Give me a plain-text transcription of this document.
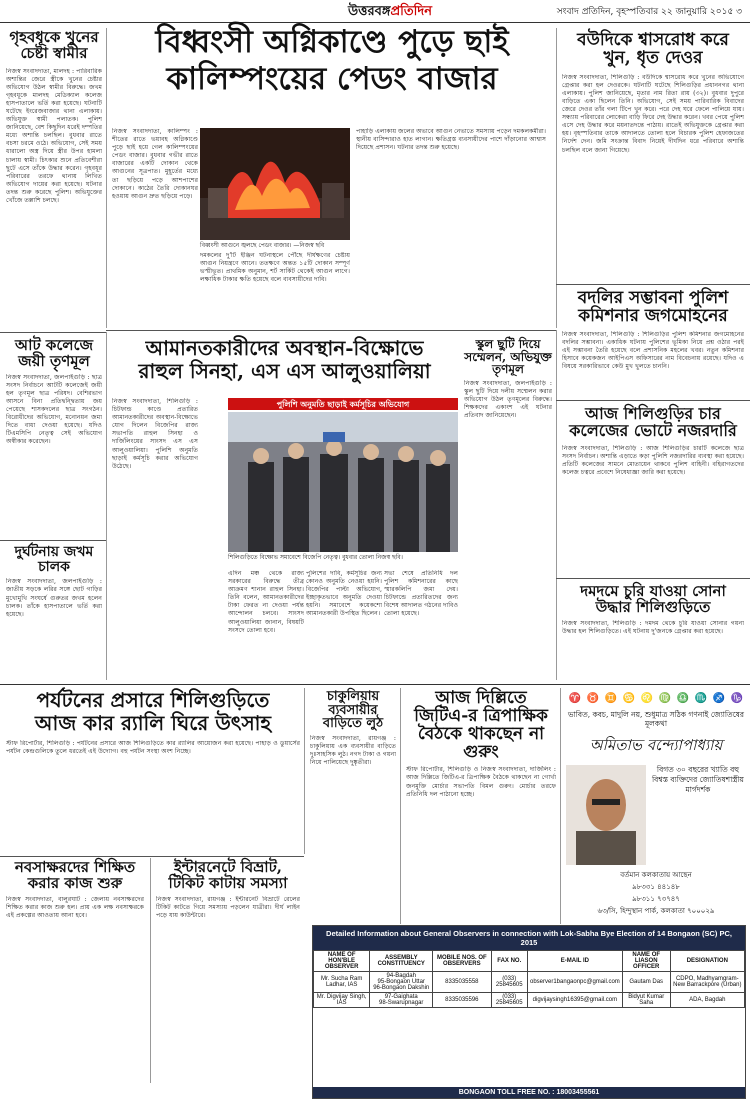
উত্তরবঙ্গপ্রতিদিন	সংবাদ প্রতিদিন, বৃহস্পতিবার ২২ জানুয়ারি ২০১৫ ৩
গৃহবধূকে খুনের চেষ্টা স্বামীর
নিজস্ব সংবাদদাতা, মালদহ : পারিবারিক অশান্তির জেরে স্ত্রীকে খুনের চেষ্টার অভিযোগ উঠল স্বামীর বিরুদ্ধে। জখম গৃহবধূকে মালদহ মেডিক্যাল কলেজ হাসপাতালে ভর্তি করা হয়েছে। ঘটনাটি ঘটেছে ইংরেজবাজার থানা এলাকায়। অভিযুক্ত স্বামী পলাতক। পুলিশ জানিয়েছে, বেশ কিছুদিন ধরেই দম্পতির মধ্যে অশান্তি চলছিল। বুধবার রাতে বচসা চরমে ওঠে। অভিযোগ, সেই সময় ধারালো অস্ত্র দিয়ে স্ত্রীর উপর হামলা চালায় স্বামী। চিৎকার শুনে প্রতিবেশীরা ছুটে এসে তাঁকে উদ্ধার করেন। গৃহবধূর পরিবারের তরফে থানায় লিখিত অভিযোগ দায়ের করা হয়েছে। ঘটনার তদন্ত শুরু করেছে পুলিশ। অভিযুক্তের খোঁজে তল্লাশি চলছে।
বিধ্বংসী অগ্নিকাণ্ডে পুড়ে ছাই
কালিম্পংয়ের পেডং বাজার
নিজস্ব সংবাদদাতা, কালিম্পং : শীতের রাতে ভয়াবহ অগ্নিকাণ্ডে পুড়ে ছাই হয়ে গেল কালিম্পংয়ের পেডং বাজার। বুধবার গভীর রাতে বাজারের একটি দোকান থেকে আগুনের সূত্রপাত। মুহূর্তের মধ্যে তা ছড়িয়ে পড়ে আশপাশের দোকানে। কাঠের তৈরি দোকানঘর হওয়ায় আগুন দ্রুত ছড়িয়ে পড়ে।
বিধ্বংসী আগুনে জ্বলছে পেডং বাজার। —নিজস্ব ছবি
দমকলের দু'টি ইঞ্জিন ঘটনাস্থলে পৌঁছে দীর্ঘক্ষণের চেষ্টায় আগুন নিয়ন্ত্রণে আনে। ততক্ষণে অন্তত ১৫টি দোকান সম্পূর্ণ ভস্মীভূত। প্রাথমিক অনুমান, শর্ট সার্কিট থেকেই আগুন লাগে। লক্ষাধিক টাকার ক্ষতি হয়েছে বলে ব্যবসায়ীদের দাবি।
পাহাড়ি এলাকায় জলের অভাবে আগুন নেভাতে সমস্যায় পড়েন দমকলকর্মীরা। স্থানীয় বাসিন্দারাও হাত লাগান। ক্ষতিগ্রস্ত ব্যবসায়ীদের পাশে দাঁড়ানোর আশ্বাস দিয়েছে প্রশাসন। ঘটনার তদন্ত শুরু হয়েছে।
বউদিকে শ্বাসরোধ করে খুন, ধৃত দেওর
নিজস্ব সংবাদদাতা, শিলিগুড়ি : বউদিকে শ্বাসরোধ করে খুনের অভিযোগে গ্রেপ্তার করা হল দেওরকে। ঘটনাটি ঘটেছে শিলিগুড়ির প্রধাননগর থানা এলাকায়। পুলিশ জানিয়েছে, মৃতার নাম রিতা রায় (৩২)। বুধবার দুপুরে বাড়িতে একা ছিলেন তিনি। অভিযোগ, সেই সময় পারিবারিক বিবাদের জেরে দেওর তাঁর গলা টিপে খুন করে। পরে দেহ ঘরে ফেলে পালিয়ে যায়। সন্ধ্যায় পরিবারের লোকেরা বাড়ি ফিরে দেহ উদ্ধার করেন। খবর পেয়ে পুলিশ এসে দেহ উদ্ধার করে ময়নাতদন্তে পাঠায়। রাতেই অভিযুক্তকে গ্রেপ্তার করা হয়। বৃহস্পতিবার তাকে আদালতে তোলা হলে বিচারক পুলিশ হেফাজতের নির্দেশ দেন। জমি সংক্রান্ত বিবাদ নিয়েই দীর্ঘদিন ধরে পরিবারে অশান্তি চলছিল বলে জানা গিয়েছে।
বদলির সম্ভাবনা পুলিশ কমিশনার জগমোহনের
নিজস্ব সংবাদদাতা, শিলিগুড়ি : শিলিগুড়ির পুলিশ কমিশনার জগমোহনের বদলির সম্ভাবনা। একাধিক ঘটনায় পুলিশের ভূমিকা নিয়ে প্রশ্ন ওঠার পরই এই সম্ভাবনা তৈরি হয়েছে বলে প্রশাসনিক মহলের খবর। নতুন কমিশনার হিসাবে কয়েকজন আইপিএস অফিসারের নাম বিবেচনায় রয়েছে। যদিও এ বিষয়ে সরকারিভাবে কেউ মুখ খুলতে চাননি।
আট কলেজে জয়ী তৃণমূল
নিজস্ব সংবাদদাতা, জলপাইগুড়ি : ছাত্র সংসদ নির্বাচনে আটটি কলেজেই জয়ী হল তৃণমূল ছাত্র পরিষদ। বেশিরভাগ আসনে বিনা প্রতিদ্বন্দ্বিতায় জয় পেয়েছে শাসকদলের ছাত্র সংগঠন। বিরোধীদের অভিযোগ, মনোনয়ন জমা দিতে বাধা দেওয়া হয়েছে। যদিও টিএমসিপি নেতৃত্ব সেই অভিযোগ অস্বীকার করেছেন।
দুর্ঘটনায় জখম চালক
নিজস্ব সংবাদদাতা, জলপাইগুড়ি : জাতীয় সড়কে লরির সঙ্গে ছোট গাড়ির মুখোমুখি সংঘর্ষে গুরুতর জখম হলেন চালক। তাঁকে হাসপাতালে ভর্তি করা হয়েছে।
আমানতকারীদের অবস্থান-বিক্ষোভে
রাহুল সিনহা, এস এস আলুওয়ালিয়া
নিজস্ব সংবাদদাতা, শিলিগুড়ি : চিটফান্ড কাণ্ডে প্রতারিত আমানতকারীদের অবস্থান-বিক্ষোভে যোগ দিলেন বিজেপির রাজ্য সভাপতি রাহুল সিনহা ও দার্জিলিংয়ের সাংসদ এস এস আলুওয়ালিয়া। পুলিশি অনুমতি ছাড়াই কর্মসূচি করার অভিযোগ উঠেছে।
পুলিশি অনুমতি ছাড়াই কর্মসূচির অভিযোগ
শিলিগুড়িতে বিক্ষোভ সমাবেশে বিজেপি নেতৃত্ব। বুধবার তোলা নিজস্ব ছবি।
এদিন মঞ্চ থেকে রাজ্য সরকারের বিরুদ্ধে তীব্র আক্রমণ শানান রাহুল সিনহা। তিনি বলেন, আমানতকারীদের টাকা ফেরত না দেওয়া পর্যন্ত আন্দোলন চলবে। সাংসদ আলুওয়ালিয়া জানান, বিষয়টি সংসদে তোলা হবে।
পুলিশের দাবি, কর্মসূচির জন্য কোনও অনুমতি নেওয়া হয়নি। বিজেপির পাল্টা অভিযোগ, ইচ্ছাকৃতভাবে অনুমতি দেওয়া হয়নি। সমাবেশে কয়েকশো আমানতকারী উপস্থিত ছিলেন।
সভা শেষে প্রতিনিধি দল পুলিশ কমিশনারের কাছে স্মারকলিপি জমা দেয়। চিটফান্ডে প্রতারিতদের জন্য বিশেষ আদালত গঠনের দাবিও তোলা হয়েছে।
স্কুল ছুটি দিয়ে সম্মেলন, অভিযুক্ত তৃণমূল
নিজস্ব সংবাদদাতা, জলপাইগুড়ি : স্কুল ছুটি দিয়ে দলীয় সম্মেলন করার অভিযোগ উঠল তৃণমূলের বিরুদ্ধে। শিক্ষকদের একাংশ এই ঘটনার প্রতিবাদ জানিয়েছেন।	আজ শিলিগুড়ির চার কলেজের ভোটে নজরদারি
নিজস্ব সংবাদদাতা, শিলিগুড়ি : আজ শিলিগুড়ির চারটি কলেজে ছাত্র সংসদ নির্বাচন। অশান্তি এড়াতে কড়া পুলিশি নজরদারির ব্যবস্থা করা হয়েছে। প্রতিটি কলেজের সামনে মোতায়েন থাকবে পুলিশ বাহিনী। বহিরাগতদের কলেজ চত্বরে প্রবেশে নিষেধাজ্ঞা জারি করা হয়েছে।
দমদমে চুরি যাওয়া সোনা উদ্ধার শিলিগুড়িতে
নিজস্ব সংবাদদাতা, শিলিগুড়ি : দমদম থেকে চুরি যাওয়া সোনার গয়না উদ্ধার হল শিলিগুড়িতে। এই ঘটনায় দু'জনকে গ্রেপ্তার করা হয়েছে।
পর্যটনের প্রসারে শিলিগুড়িতে
আজ কার র‌্যালি ঘিরে উৎসাহ
স্টাফ রিপোর্টার, শিলিগুড়ি : পর্যটনের প্রসারে আজ শিলিগুড়িতে কার র‌্যালির আয়োজন করা হয়েছে। পাহাড় ও ডুয়ার্সের পর্যটন কেন্দ্রগুলিকে তুলে ধরতেই এই উদ্যোগ। বহু পর্যটন সংস্থা অংশ নিচ্ছে।
চাকুলিয়ায় ব্যবসায়ীর বাড়িতে লুঠ
নিজস্ব সংবাদদাতা, রায়গঞ্জ : চাকুলিয়ায় এক ব্যবসায়ীর বাড়িতে দুঃসাহসিক লুঠ। নগদ টাকা ও গয়না নিয়ে পালিয়েছে দুষ্কৃতীরা।
আজ দিল্লিতে জিটিএ-র ত্রিপাক্ষিক বৈঠকে থাকছেন না গুরুং
স্টাফ রিপোর্টার, শিলিগুড়ি ও নিজস্ব সংবাদদাতা, দার্জিলিং : আজ দিল্লিতে জিটিএ-র ত্রিপাক্ষিক বৈঠকে থাকছেন না গোর্খা জনমুক্তি মোর্চার সভাপতি বিমল গুরুং। মোর্চার তরফে প্রতিনিধি দল পাঠানো হচ্ছে।
♈ ♉ ♊ ♋ ♌ ♍ ♎ ♏ ♐ ♑
ভাবিত, কবচ, মাদুলি নয়, শুধুমাত্র সঠিক গণনাই জ্যোতিষের মূলকথা
অমিতাভ বন্দ্যোপাধ্যায়
বিগত ৩০ বছরের খ্যাতি বহু বিশ্বস্ত ব্যক্তিদের জ্যোতিষশাস্ত্রীয় মার্গদর্শক
বর্তমান কলকাতায় আছেন
৯৮৩৩১ ৪৪১৪৮
৯৮৩১১ ৭৩৭৪৭
৬৩/সি, হিন্দুস্থান পার্ক, কলকাতা ৭০০০২৯
নবসাক্ষরদের শিক্ষিত করার কাজ শুরু
নিজস্ব সংবাদদাতা, বালুরঘাট : জেলায় নবসাক্ষরদের শিক্ষিত করার কাজ শুরু হল। প্রায় এক লক্ষ নবসাক্ষরকে এই প্রকল্পের আওতায় আনা হবে।
ইন্টারনেটে বিভ্রাট, টিকিট কাটায় সমস্যা
নিজস্ব সংবাদদাতা, রায়গঞ্জ : ইন্টারনেট বিভ্রাটে রেলের টিকিট কাটতে গিয়ে সমস্যায় পড়লেন যাত্রীরা। দীর্ঘ লাইন পড়ে যায় কাউন্টারে।
Detailed Information about General Observers in connection with Lok-Sabha Bye Election of 14 Bongaon (SC) PC, 2015
NAME OF HON'BLE OBSERVER	ASSEMBLY CONSTITUENCY	MOBILE NOS. OF OBSERVERS	FAX NO.	E-MAIL ID	NAME OF LIASON OFFICER	DESIGNATION
Mr. Sucha Ram Ladhar, IAS	94-Bagdah
95-Bongaon Uttar
96-Bongaon Dakshin	8335035558	(033) 25845605	observer1bangaonpc@gmail.com	Gautam Das	CDPO, Madhyamgram-New Barrackpore (Urban)
Mr. Digvijay Singh, IAS	97-Gaighata
98-Swarupnagar	8335035596	(033) 25845605	digvijaysingh16395@gmail.com	Bidyut Kumar Saha	ADA, Bagdah
BONGAON TOLL FREE NO. : 18003455561
